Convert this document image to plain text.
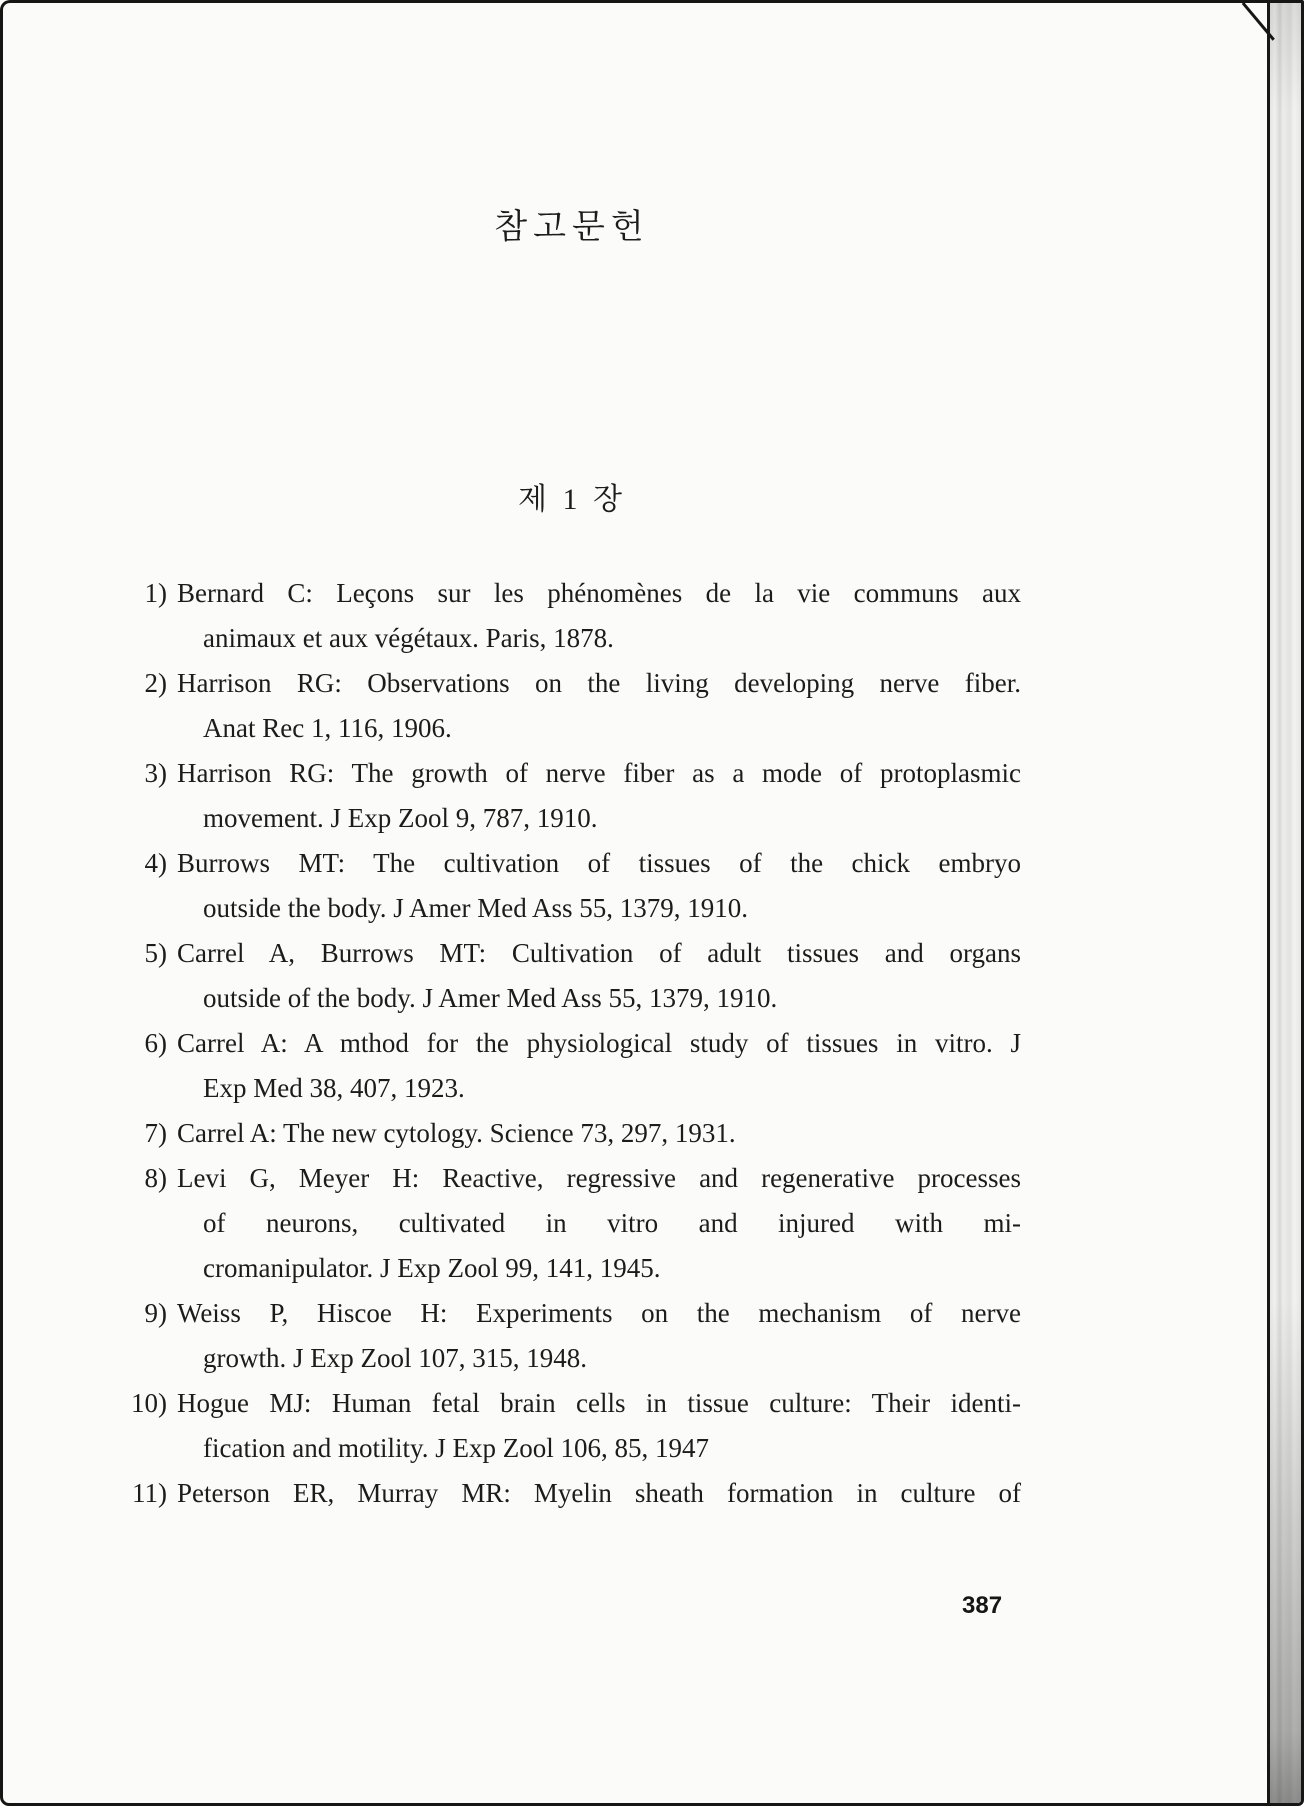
참고문헌
제 1 장
1) Bernard C: Leçons sur les phénomènes de la vie communs aux
animaux et aux végétaux. Paris, 1878.
2) Harrison RG: Observations on the living developing nerve fiber.
Anat Rec 1, 116, 1906.
3) Harrison RG: The growth of nerve fiber as a mode of protoplasmic
movement. J Exp Zool 9, 787, 1910.
4) Burrows MT: The cultivation of tissues of the chick embryo
outside the body. J Amer Med Ass 55, 1379, 1910.
5) Carrel A, Burrows MT: Cultivation of adult tissues and organs
outside of the body. J Amer Med Ass 55, 1379, 1910.
6) Carrel A: A mthod for the physiological study of tissues in vitro. J
Exp Med 38, 407, 1923.
7) Carrel A: The new cytology. Science 73, 297, 1931.
8) Levi G, Meyer H: Reactive, regressive and regenerative processes
of neurons, cultivated in vitro and injured with mi-
cromanipulator. J Exp Zool 99, 141, 1945.
9) Weiss P, Hiscoe H: Experiments on the mechanism of nerve
growth. J Exp Zool 107, 315, 1948.
10) Hogue MJ: Human fetal brain cells in tissue culture: Their identi-
fication and motility. J Exp Zool 106, 85, 1947
11) Peterson ER, Murray MR: Myelin sheath formation in culture of
387
